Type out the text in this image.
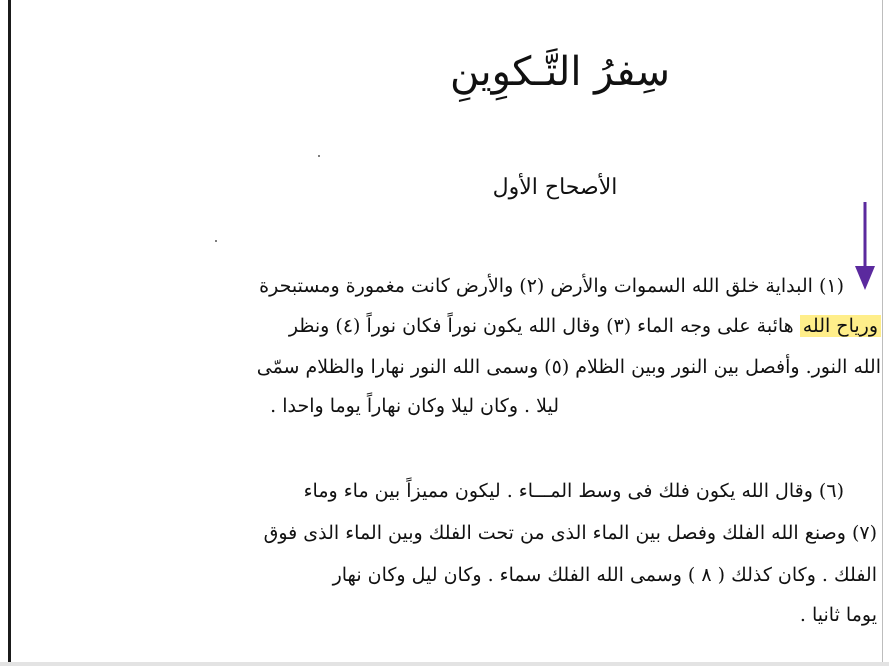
سِفرُ التَّـكوِينِ
الأصحاح الأول
(١) البداية خلق الله السموات والأرض (٢) والأرض كانت مغمورة ومستبحرة
ورياح الله هائبة على وجه الماء (٣) وقال الله يكون نوراً فكان نوراً (٤) ونظر
الله النور. وأفصل بين النور وبين الظلام (٥) وسمى الله النور نهارا والظلام سمّى
ليلا . وكان ليلا وكان نهاراً يوما واحدا .
(٦) وقال الله يكون فلك فى وسط المـــاء . ليكون مميزاً بين ماء وماء
(٧) وصنع الله الفلك وفصل بين الماء الذى من تحت الفلك وبين الماء الذى فوق
الفلك . وكان كذلك ( ٨ ) وسمى الله الفلك سماء . وكان ليل وكان نهار
يوما ثانيا .
